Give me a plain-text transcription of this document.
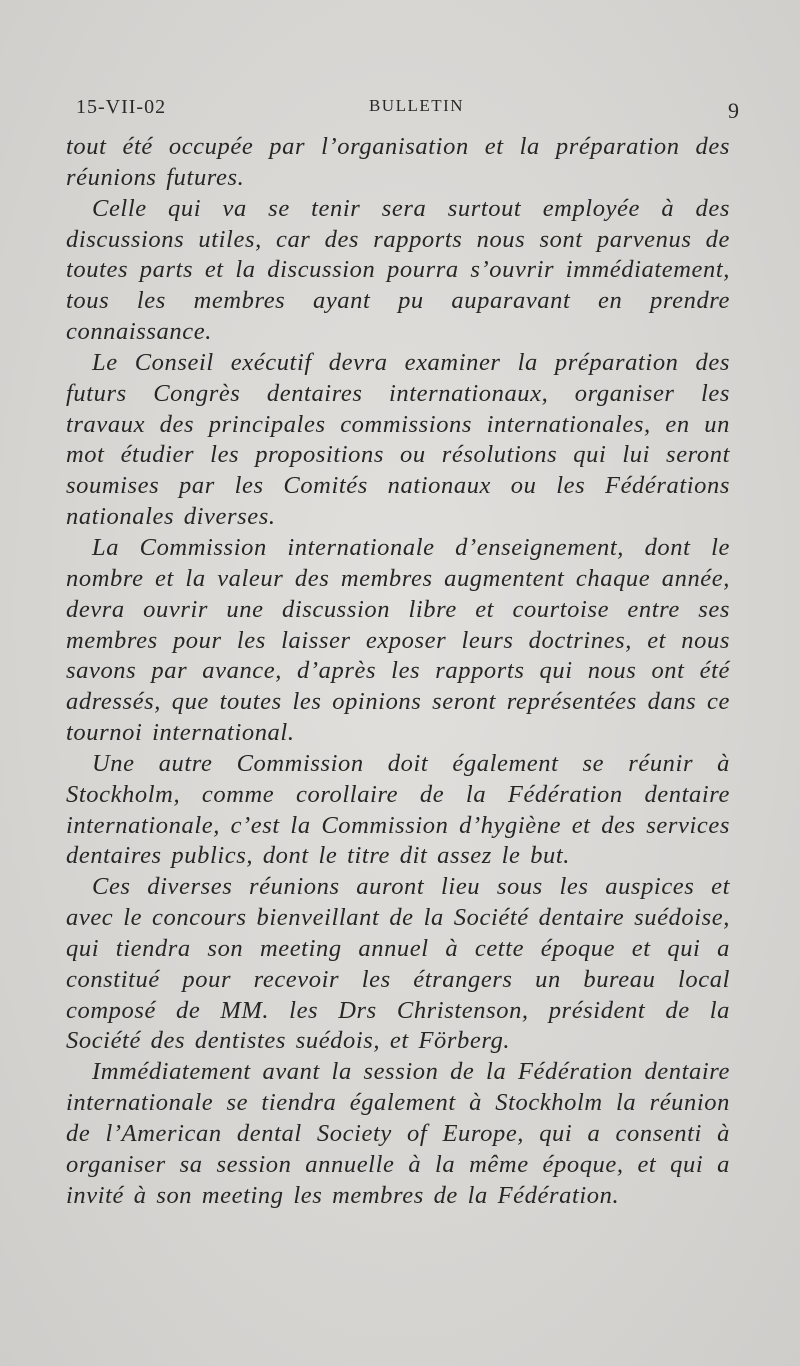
15-VII-02	BULLETIN	9

tout été occupée par l’organisation et la préparation des réunions futures.

Celle qui va se tenir sera surtout employée à des discussions utiles, car des rapports nous sont parvenus de toutes parts et la discussion pourra s’ouvrir immédiatement, tous les membres ayant pu auparavant en prendre connaissance.

Le Conseil exécutif devra examiner la préparation des futurs Congrès dentaires internationaux, organiser les travaux des principales commissions internationales, en un mot étudier les propositions ou résolutions qui lui seront soumises par les Comités nationaux ou les Fédérations nationales diverses.

La Commission internationale d’enseignement, dont le nombre et la valeur des membres augmentent chaque année, devra ouvrir une discussion libre et courtoise entre ses membres pour les laisser exposer leurs doctrines, et nous savons par avance, d’après les rapports qui nous ont été adressés, que toutes les opinions seront représentées dans ce tournoi international.

Une autre Commission doit également se réunir à Stockholm, comme corollaire de la Fédération dentaire internationale, c’est la Commission d’hygiène et des services dentaires publics, dont le titre dit assez le but.

Ces diverses réunions auront lieu sous les auspices et avec le concours bienveillant de la Société dentaire suédoise, qui tiendra son meeting annuel à cette époque et qui a constitué pour recevoir les étrangers un bureau local composé de MM. les Drs Christenson, président de la Société des dentistes suédois, et Förberg.

Immédiatement avant la session de la Fédération dentaire internationale se tiendra également à Stockholm la réunion de l’American dental Society of Europe, qui a consenti à organiser sa session annuelle à la même époque, et qui a invité à son meeting les membres de la Fédération.
